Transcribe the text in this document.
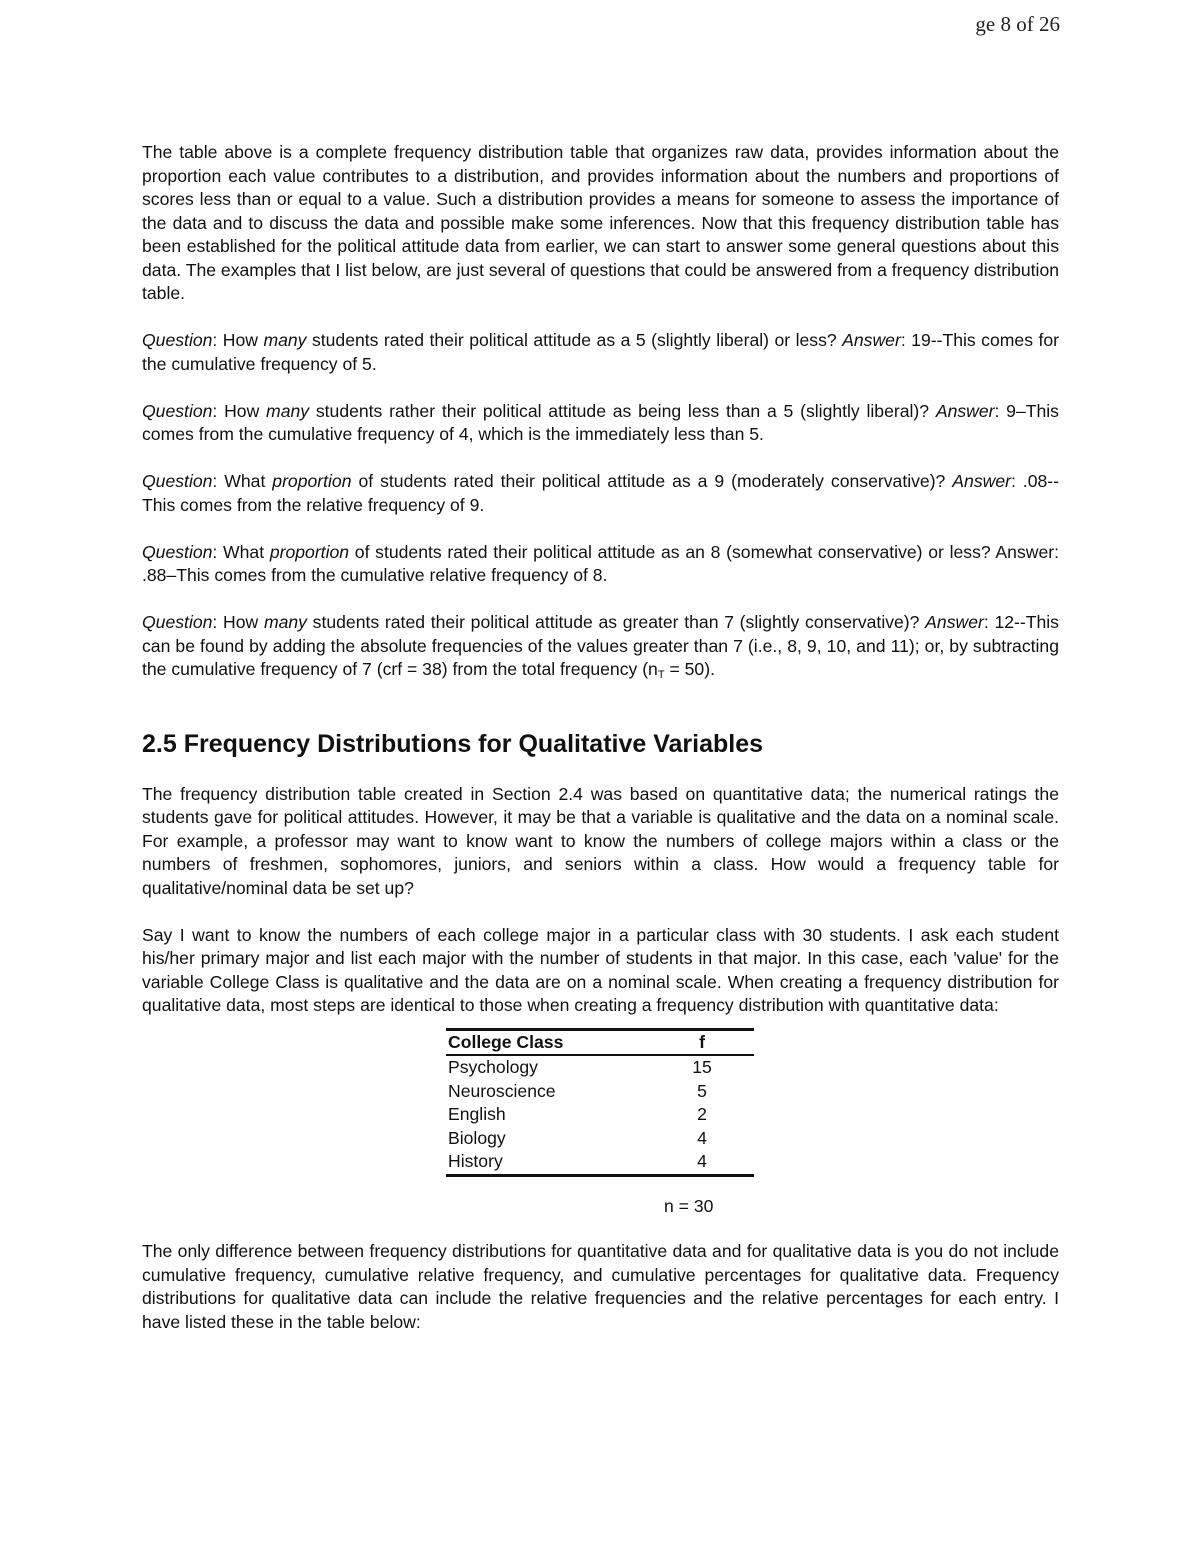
ge 8 of 26

The table above is a complete frequency distribution table that organizes raw data, provides information about the proportion each value contributes to a distribution, and provides information about the numbers and proportions of scores less than or equal to a value. Such a distribution provides a means for someone to assess the importance of the data and to discuss the data and possible make some inferences. Now that this frequency distribution table has been established for the political attitude data from earlier, we can start to answer some general questions about this data. The examples that I list below, are just several of questions that could be answered from a frequency distribution table.

Question: How many students rated their political attitude as a 5 (slightly liberal) or less? Answer: 19--This comes for the cumulative frequency of 5.

Question: How many students rather their political attitude as being less than a 5 (slightly liberal)? Answer: 9–This comes from the cumulative frequency of 4, which is the immediately less than 5.

Question: What proportion of students rated their political attitude as a 9 (moderately conservative)? Answer: .08--This comes from the relative frequency of 9.

Question: What proportion of students rated their political attitude as an 8 (somewhat conservative) or less? Answer: .88–This comes from the cumulative relative frequency of 8.

Question: How many students rated their political attitude as greater than 7 (slightly conservative)? Answer: 12--This can be found by adding the absolute frequencies of the values greater than 7 (i.e., 8, 9, 10, and 11); or, by subtracting the cumulative frequency of 7 (crf = 38) from the total frequency $(n_T = 50)$.

2.5 Frequency Distributions for Qualitative Variables

The frequency distribution table created in Section 2.4 was based on quantitative data; the numerical ratings the students gave for political attitudes. However, it may be that a variable is qualitative and the data on a nominal scale. For example, a professor may want to know want to know the numbers of college majors within a class or the numbers of freshmen, sophomores, juniors, and seniors within a class. How would a frequency table for qualitative/nominal data be set up?

Say I want to know the numbers of each college major in a particular class with 30 students. I ask each student his/her primary major and list each major with the number of students in that major. In this case, each 'value' for the variable College Class is qualitative and the data are on a nominal scale. When creating a frequency distribution for qualitative data, most steps are identical to those when creating a frequency distribution with quantitative data:

College Class	f
Psychology	15
Neuroscience	5
English	2
Biology	4
History	4
n = 30

The only difference between frequency distributions for quantitative data and for qualitative data is you do not include cumulative frequency, cumulative relative frequency, and cumulative percentages for qualitative data. Frequency distributions for qualitative data can include the relative frequencies and the relative percentages for each entry. I have listed these in the table below:
